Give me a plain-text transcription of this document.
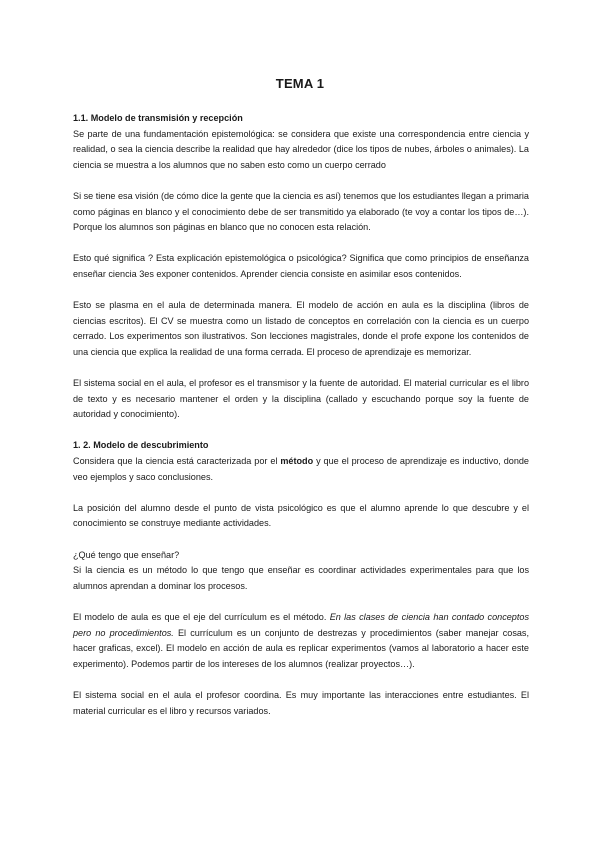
TEMA 1
1.1. Modelo de transmisión y recepción

Se parte de una fundamentación epistemológica: se considera que existe una correspondencia entre ciencia y realidad, o sea la ciencia describe la realidad que hay alrededor (dice los tipos de nubes, árboles o animales). La ciencia se muestra a los alumnos que no saben esto como un cuerpo cerrado

Si se tiene esa visión (de cómo dice la gente que la ciencia es así) tenemos que los estudiantes llegan a primaria como páginas en blanco y el conocimiento debe de ser transmitido ya elaborado (te voy a contar los tipos de…). Porque los alumnos son páginas en blanco que no conocen esta relación.

Esto qué significa ? Esta explicación epistemológica o psicológica? Significa que como principios de enseñanza enseñar ciencia 3es exponer contenidos. Aprender ciencia consiste en asimilar esos contenidos.

Esto se plasma en el aula de determinada manera. El modelo de acción en aula es la disciplina (libros de ciencias escritos). El CV se muestra como un listado de conceptos en correlación con la ciencia es un cuerpo cerrado. Los experimentos son ilustrativos. Son lecciones magistrales, donde el profe expone los contenidos de una ciencia que explica la realidad de una forma cerrada. El proceso de aprendizaje es memorizar.

El sistema social en el aula, el profesor es el transmisor y la fuente de autoridad. El material curricular es el libro de texto y es necesario mantener el orden y la disciplina (callado y escuchando porque soy la fuente de autoridad y conocimiento).

1. 2. Modelo de descubrimiento

Considera que la ciencia está caracterizada por el método y que el proceso de aprendizaje es inductivo, donde veo ejemplos y saco conclusiones.

La posición del alumno desde el punto de vista psicológico es que el alumno aprende lo que descubre y el conocimiento se construye mediante actividades.

¿Qué tengo que enseñar?

Si la ciencia es un método lo que tengo que enseñar es coordinar actividades experimentales para que los alumnos aprendan a dominar los procesos.

El modelo de aula es que el eje del currículum es el método. En las clases de ciencia han contado conceptos pero no procedimientos. El currículum es un conjunto de destrezas y procedimientos (saber manejar cosas, hacer graficas, excel). El modelo en acción de aula es replicar experimentos (vamos al laboratorio a hacer este experimento). Podemos partir de los intereses de los alumnos (realizar proyectos…).

El sistema social en el aula el profesor coordina. Es muy importante las interacciones entre estudiantes. El material curricular es el libro y recursos variados.
